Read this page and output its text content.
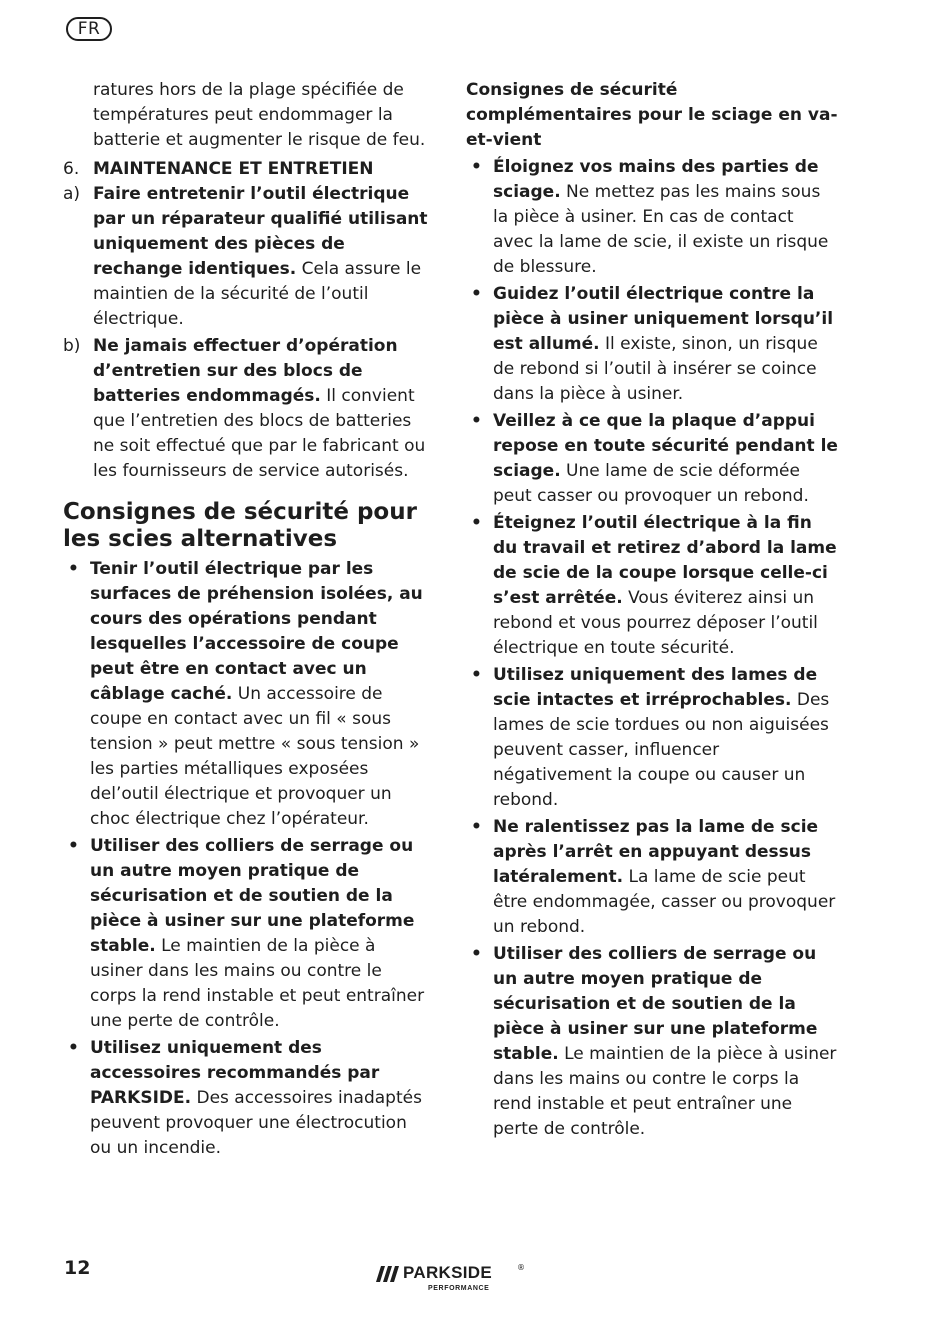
FR

ratures hors de la plage spécifiée de températures peut endommager la batterie et augmenter le risque de feu.

6. MAINTENANCE ET ENTRETIEN
a) Faire entretenir l’outil électrique par un réparateur qualifié utilisant uniquement des pièces de rechange identiques. Cela assure le maintien de la sécurité de l’outil électrique.
b) Ne jamais effectuer d’opération d’entretien sur des blocs de batteries endommagés. Il convient que l’entretien des blocs de batteries ne soit effectué que par le fabricant ou les fournisseurs de service autorisés.
Consignes de sécurité pour les scies alternatives
• Tenir l’outil électrique par les surfaces de préhension isolées, au cours des opérations pendant lesquelles l’accessoire de coupe peut être en contact avec un câblage caché. Un accessoire de coupe en contact avec un fil « sous tension » peut mettre « sous tension » les parties métalliques exposées del’outil électrique et provoquer un choc électrique chez l’opérateur.
• Utiliser des colliers de serrage ou un autre moyen pratique de sécurisation et de soutien de la pièce à usiner sur une plateforme stable. Le maintien de la pièce à usiner dans les mains ou contre le corps la rend instable et peut entraîner une perte de contrôle.
• Utilisez uniquement des accessoires recommandés par PARKSIDE. Des accessoires inadaptés peuvent provoquer une électrocution ou un incendie.

Consignes de sécurité complémentaires pour le sciage en va-et-vient

• Éloignez vos mains des parties de sciage. Ne mettez pas les mains sous la pièce à usiner. En cas de contact avec la lame de scie, il existe un risque de blessure.
• Guidez l’outil électrique contre la pièce à usiner uniquement lorsqu’il est allumé. Il existe, sinon, un risque de rebond si l’outil à insérer se coince dans la pièce à usiner.
• Veillez à ce que la plaque d’appui repose en toute sécurité pendant le sciage. Une lame de scie déformée peut casser ou provoquer un rebond.
• Éteignez l’outil électrique à la fin du travail et retirez d’abord la lame de scie de la coupe lorsque celle-ci s’est arrêtée. Vous éviterez ainsi un rebond et vous pourrez déposer l’outil électrique en toute sécurité.
• Utilisez uniquement des lames de scie intactes et irréprochables. Des lames de scie tordues ou non aiguisées peuvent casser, influencer négativement la coupe ou causer un rebond.
• Ne ralentissez pas la lame de scie après l’arrêt en appuyant dessus latéralement. La lame de scie peut être endommagée, casser ou provoquer un rebond.
• Utiliser des colliers de serrage ou un autre moyen pratique de sécurisation et de soutien de la pièce à usiner sur une plateforme stable. Le maintien de la pièce à usiner dans les mains ou contre le corps la rend instable et peut entraîner une perte de contrôle.
12	PARKSIDE	®
PERFORMANCE
